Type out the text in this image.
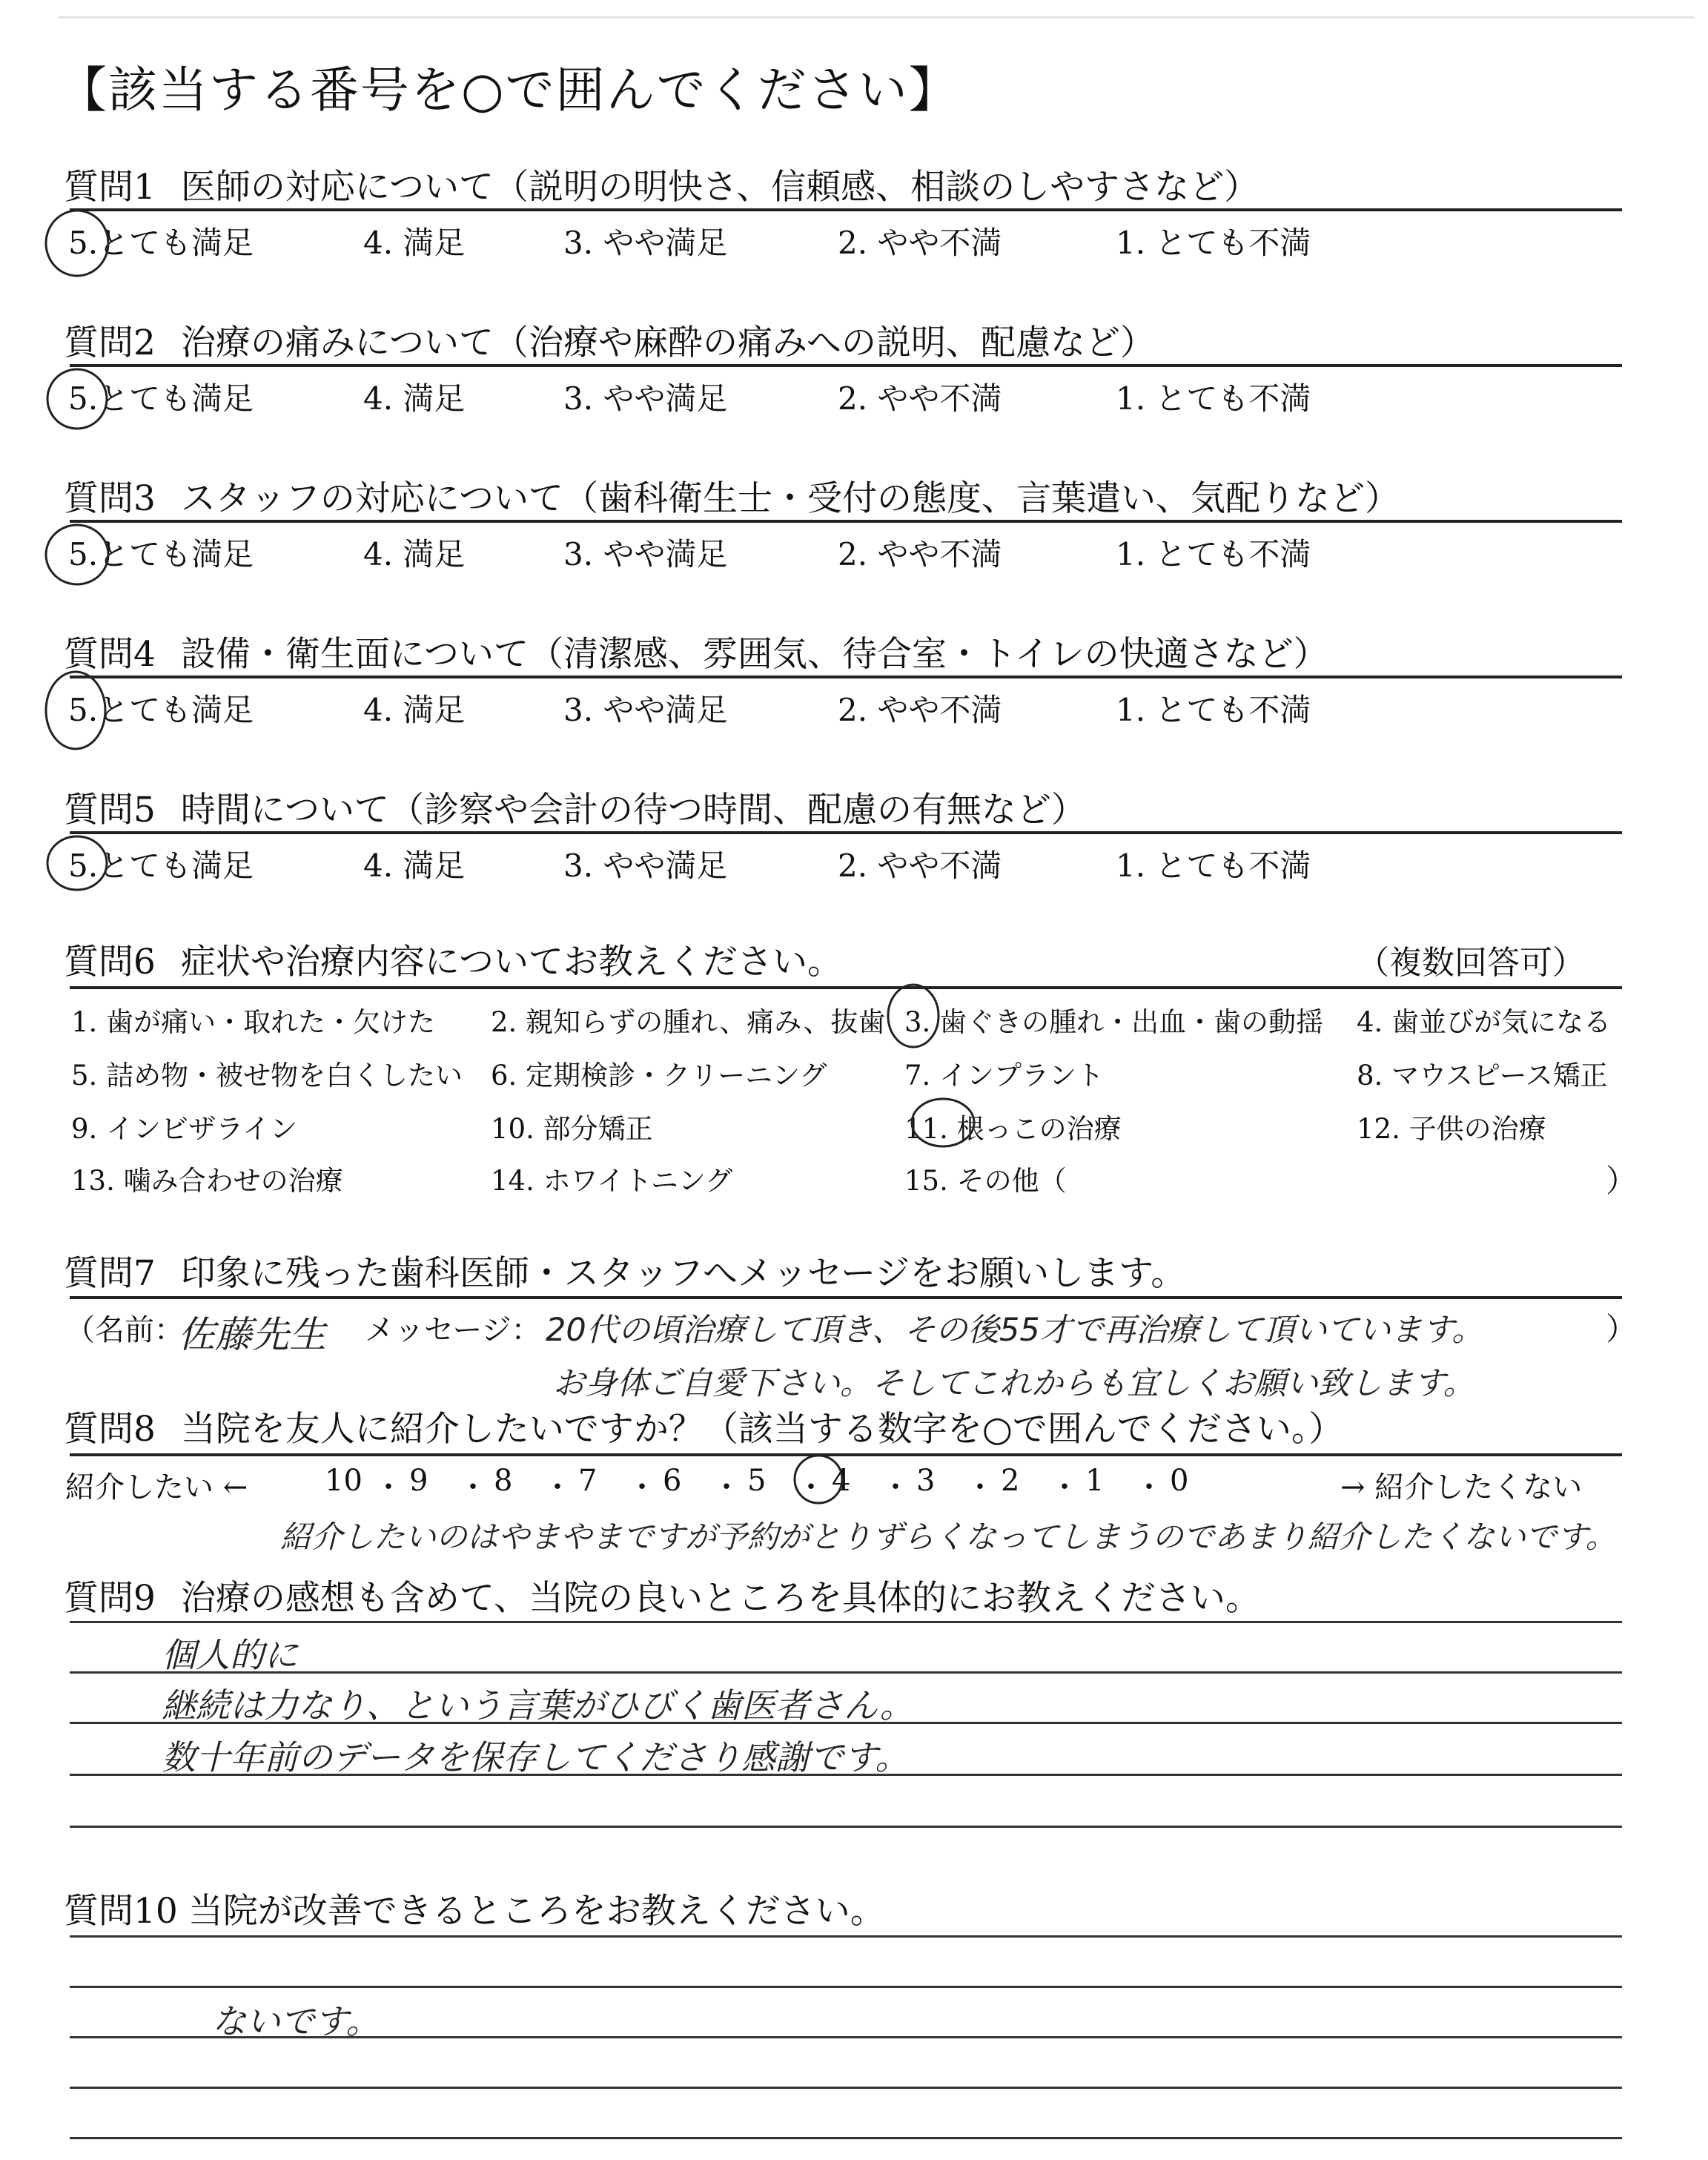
【該当する番号を○で囲んでください】
質問1 医師の対応について（説明の明快さ、信頼感、相談のしやすさなど）
5.とても満足	4. 満足	3. やや満足	2. やや不満	1. とても不満
質問2 治療の痛みについて（治療や麻酔の痛みへの説明、配慮など）
5.とても満足	4. 満足	3. やや満足	2. やや不満	1. とても不満
質問3 スタッフの対応について（歯科衛生士・受付の態度、言葉遣い、気配りなど）
5.とても満足	4. 満足	3. やや満足	2. やや不満	1. とても不満
質問4 設備・衛生面について（清潔感、雰囲気、待合室・トイレの快適さなど）
5.とても満足	4. 満足	3. やや満足	2. やや不満	1. とても不満
質問5 時間について（診察や会計の待つ時間、配慮の有無など）
5.とても満足	4. 満足	3. やや満足	2. やや不満	1. とても不満
質問6 症状や治療内容についてお教えください。	（複数回答可）
1. 歯が痛い・取れた・欠けた 2. 親知らずの腫れ、痛み、抜歯 3. 歯ぐきの腫れ・出血・歯の動揺 4. 歯並びが気になる
5. 詰め物・被せ物を白くしたい 6. 定期検診・クリーニング	7. インプラント	8. マウスピース矯正
9. インビザライン	10. 部分矯正	11. 根っこの治療	12. 子供の治療
13. 噛み合わせの治療	14. ホワイトニング	15. その他（	）
質問7 印象に残った歯科医師・スタッフへメッセージをお願いします。
（名前：
佐藤先生 メッセージ： 20代の頃治療して頂き、その後55才で再治療して頂いています。
お身体ご自愛下さい。そしてこれからも宜しくお願い致します。
）
質問8 当院を友人に紹介したいですか？（該当する数字を○で囲んでください。）
紹介したい ←	10 ・ 9 ・ 8 ・ 7 ・ 6 ・ 5 ・ 4 ・ 3 ・ 2 ・ 1 ・ 0	→ 紹介したくない
紹介したいのはやまやまですが予約がとりずらくなってしまうのであまり紹介したくないです。
質問9 治療の感想も含めて、当院の良いところを具体的にお教えください。
個人的に
継続は力なり、という言葉がひびく歯医者さん。
数十年前のデータを保存してくださり感謝です。
質問10 当院が改善できるところをお教えください。
ないです。
